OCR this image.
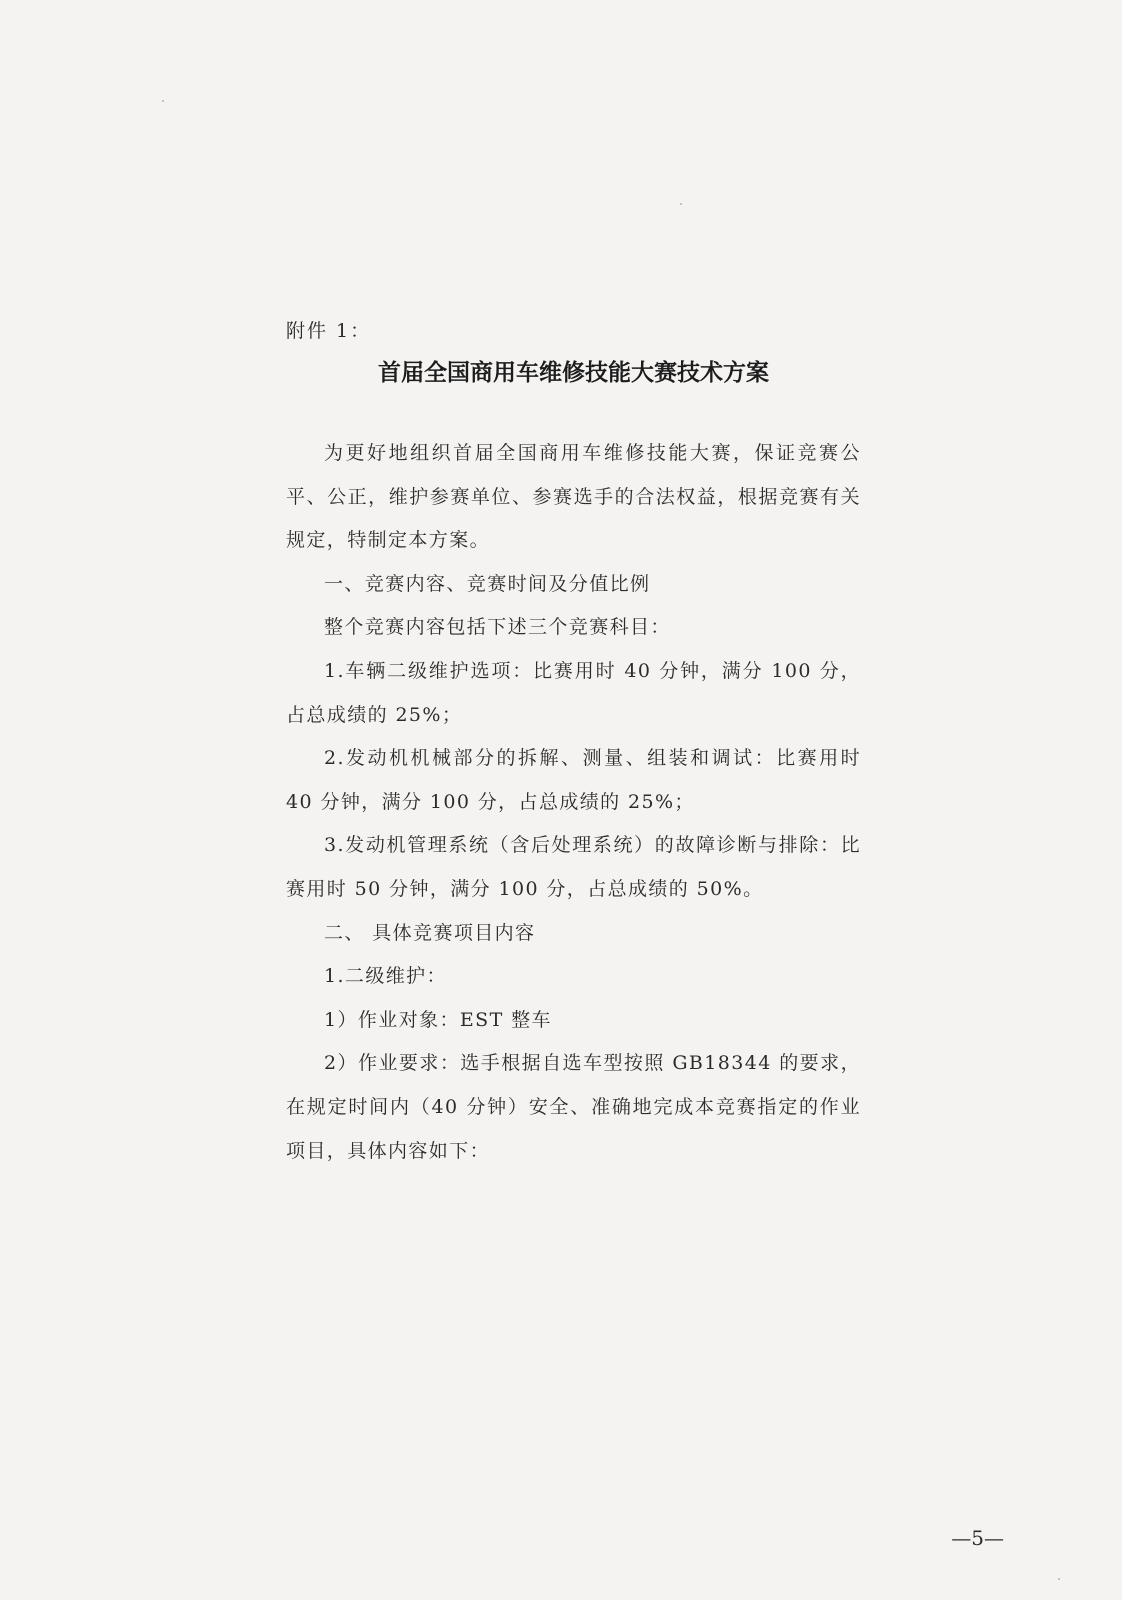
附件 1：

首届全国商用车维修技能大赛技术方案

为更好地组织首届全国商用车维修技能大赛，保证竞赛公平、公正，维护参赛单位、参赛选手的合法权益，根据竞赛有关规定，特制定本方案。

一、竞赛内容、竞赛时间及分值比例

整个竞赛内容包括下述三个竞赛科目：

1.车辆二级维护选项：比赛用时 40 分钟，满分 100 分，占总成绩的 25%；

2.发动机机械部分的拆解、测量、组装和调试：比赛用时 40 分钟，满分 100 分，占总成绩的 25%；

3.发动机管理系统（含后处理系统）的故障诊断与排除：比赛用时 50 分钟，满分 100 分，占总成绩的 50%。

二、 具体竞赛项目内容

1.二级维护：

1）作业对象：EST 整车

2）作业要求：选手根据自选车型按照 GB18344 的要求，在规定时间内（40 分钟）安全、准确地完成本竞赛指定的作业项目，具体内容如下：

—5—
